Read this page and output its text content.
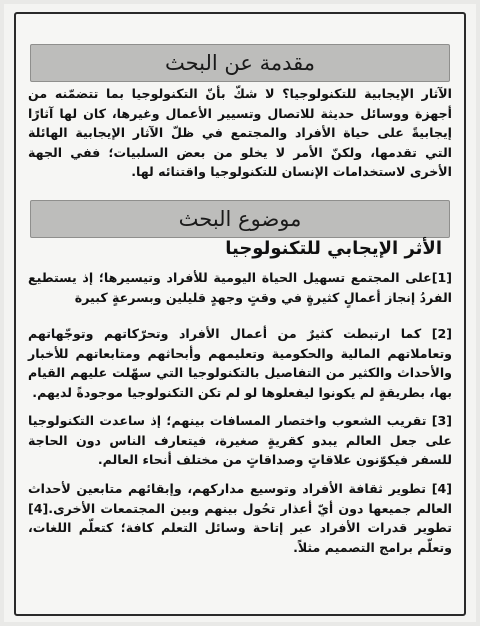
مقدمة عن البحث
الآثار الإيجابية للتكنولوجيا؟ لا شكّ بأنّ التكنولوجيا بما تتضمّنه من أجهزة ووسائل حديثة للاتصال وتسيير الأعمال وغيرها، كان لها آثارًا إيجابيةً على حياة الأفراد والمجتمع في ظلّ الآثار الإيجابية الهائلة التي تقدمها، ولكنّ الأمر لا يخلو من بعض السلبيات؛ ففي الجهة الأخرى لاستخدامات الإنسان للتكنولوجيا واقتنائه لها.
موضوع البحث
الأثر الإيجابي للتكنولوجيا
[1]على المجتمع تسهيل الحياة اليومية للأفراد وتيسيرها؛ إذ يستطيع الفردُ إنجاز أعمالٍ كثيرةٍ في وقتٍ وجهدٍ قليلين وبسرعةٍ كبيرة
[2] كما ارتبطت كثيرٌ من أعمال الأفراد وتحرّكاتهم وتوجّهاتهم وتعاملاتهم المالية والحكومية وتعليمهم وأبحاثهم ومتابعاتهم للأخبار والأحداث والكثير من التفاصيل بالتكنولوجيا التي سهّلت عليهم القيام بها، بطريقةٍ لم يكونوا ليفعلوها لو لم تكن التكنولوجيا موجودةً لديهم.
[3] تقريب الشعوب واختصار المسافات بينهم؛ إذ ساعدت التكنولوجيا على جعل العالم يبدو كقريةٍ صغيرة، فيتعارف الناس دون الحاجة للسفر فيكوّنون علاقاتٍ وصداقاتٍ من مختلف أنحاء العالم.
[4] تطوير ثقافة الأفراد وتوسيع مداركهم، وإبقائهم متابعين لأحداث العالم جميعها دون أيّ أعذار تحُول بينهم وبين المجتمعات الأخرى.[4] تطوير قدرات الأفراد عبر إتاحة وسائل التعلم كافة؛ كتعلّم اللغات، وتعلّم برامج التصميم مثلاً.
